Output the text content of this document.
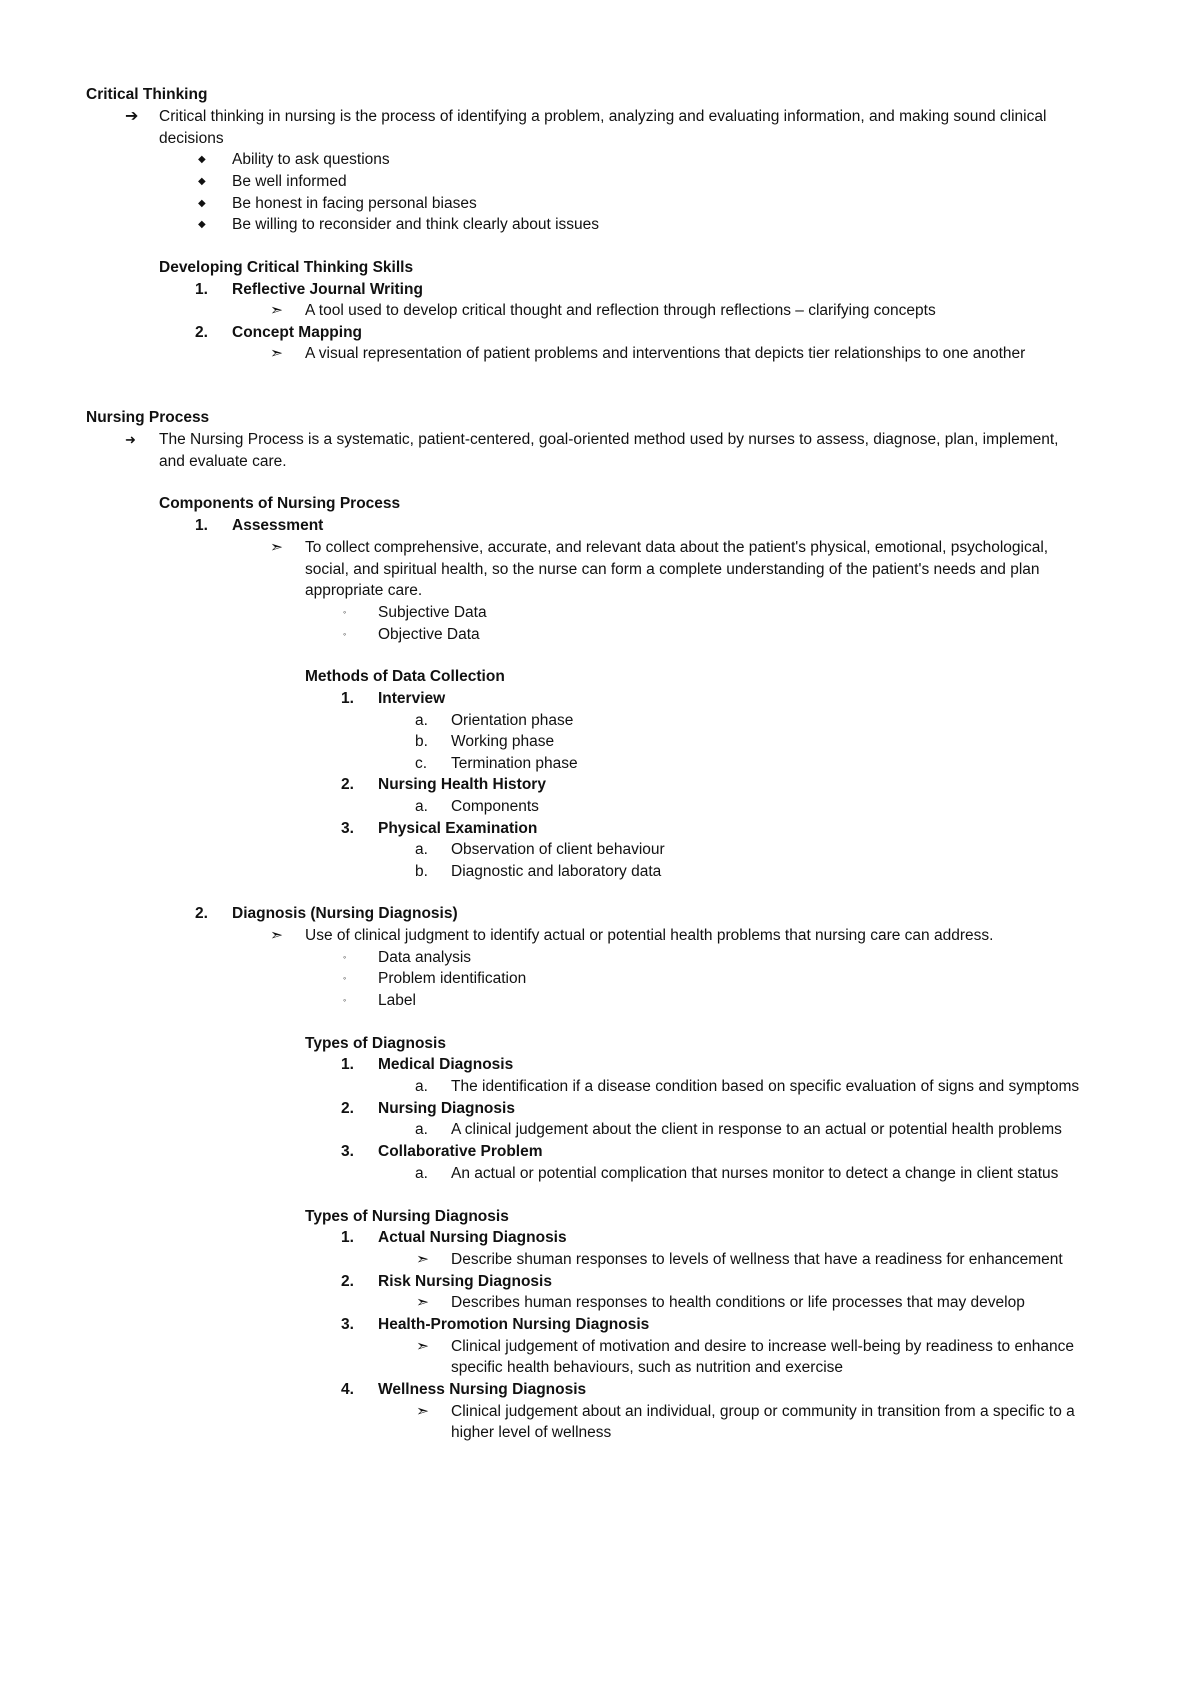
Critical Thinking
➔ Critical thinking in nursing is the process of identifying a problem, analyzing and evaluating information, and making sound clinical
decisions
◆ Ability to ask questions
◆ Be well informed
◆ Be honest in facing personal biases
◆ Be willing to reconsider and think clearly about issues
Developing Critical Thinking Skills
1. Reflective Journal Writing
➣ A tool used to develop critical thought and reflection through reflections – clarifying concepts
2. Concept Mapping
➣ A visual representation of patient problems and interventions that depicts tier relationships to one another
Nursing Process
➜ The Nursing Process is a systematic, patient-centered, goal-oriented method used by nurses to assess, diagnose, plan, implement,
and evaluate care.
Components of Nursing Process
1. Assessment
➣ To collect comprehensive, accurate, and relevant data about the patient's physical, emotional, psychological,
social, and spiritual health, so the nurse can form a complete understanding of the patient's needs and plan
appropriate care.
◦ Subjective Data
◦ Objective Data
Methods of Data Collection
1. Interview
a. Orientation phase
b. Working phase
c. Termination phase
2. Nursing Health History
a. Components
3. Physical Examination
a. Observation of client behaviour
b. Diagnostic and laboratory data
2. Diagnosis (Nursing Diagnosis)
➣ Use of clinical judgment to identify actual or potential health problems that nursing care can address.
◦ Data analysis
◦ Problem identification
◦ Label
Types of Diagnosis
1. Medical Diagnosis
a. The identification if a disease condition based on specific evaluation of signs and symptoms
2. Nursing Diagnosis
a. A clinical judgement about the client in response to an actual or potential health problems
3. Collaborative Problem
a. An actual or potential complication that nurses monitor to detect a change in client status
Types of Nursing Diagnosis
1. Actual Nursing Diagnosis
➣ Describe shuman responses to levels of wellness that have a readiness for enhancement
2. Risk Nursing Diagnosis
➣ Describes human responses to health conditions or life processes that may develop
3. Health-Promotion Nursing Diagnosis
➣ Clinical judgement of motivation and desire to increase well-being by readiness to enhance
specific health behaviours, such as nutrition and exercise
4. Wellness Nursing Diagnosis
➣ Clinical judgement about an individual, group or community in transition from a specific to a
higher level of wellness
